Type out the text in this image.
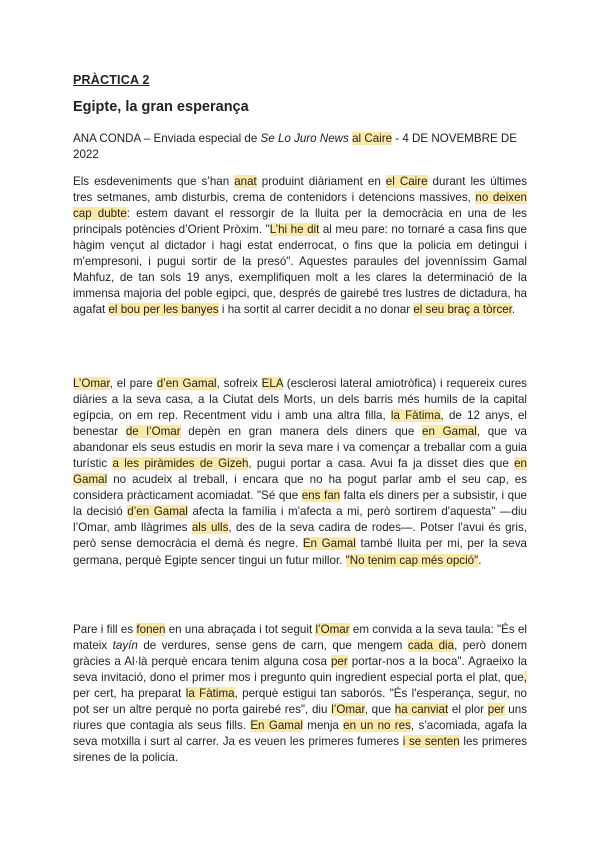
PRÀCTICA 2
Egipte, la gran esperança
ANA CONDA – Enviada especial de Se Lo Juro News al Caire - 4 DE NOVEMBRE DE 2022
Els esdeveniments que s’han anat produint diàriament en el Caire durant les últimes tres setmanes, amb disturbis, crema de contenidors i detencions massives, no deixen cap dubte: estem davant el ressorgir de la lluita per la democràcia en una de les principals potències d’Orient Pròxim. "L’hi he dit al meu pare: no tornaré a casa fins que hàgim vençut al dictador i hagi estat enderrocat, o fins que la policia em detingui i m'empresoni, i pugui sortir de la presó". Aquestes paraules del jovenníssim Gamal Mahfuz, de tan sols 19 anys, exemplifiquen molt a les clares la determinació de la immensa majoria del poble egipci, que, després de gairebé tres lustres de dictadura, ha agafat el bou per les banyes i ha sortit al carrer decidit a no donar el seu braç a tòrcer.
L’Omar, el pare d’en Gamal, sofreix ELA (esclerosi lateral amiotròfica) i requereix cures diàries a la seva casa, a la Ciutat dels Morts, un dels barris més humils de la capital egípcia, on em rep. Recentment vidu i amb una altra filla, la Fàtima, de 12 anys, el benestar de l’Omar depèn en gran manera dels diners que en Gamal, que va abandonar els seus estudis en morir la seva mare i va començar a treballar com a guia turístic a les piràmides de Gizeh, pugui portar a casa. Avui fa ja disset dies que en Gamal no acudeix al treball, i encara que no ha pogut parlar amb el seu cap, es considera pràcticament acomiadat. "Sé que ens fan falta els diners per a subsistir, i que la decisió d’en Gamal afecta la família i m'afecta a mi, però sortirem d'aquesta" —diu l’Omar, amb llàgrimes als ulls, des de la seva cadira de rodes—. Potser l'avui és gris, però sense democràcia el demà és negre. En Gamal també lluita per mi, per la seva germana, perquè Egipte sencer tingui un futur millor. "No tenim cap més opció".
Pare i fill es fonen en una abraçada i tot seguit l’Omar em convida a la seva taula: "És el mateix tayín de verdures, sense gens de carn, que mengem cada dia, però donem gràcies a Al·là perquè encara tenim alguna cosa per portar-nos a la boca". Agraeixo la seva invitació, dono el primer mos i pregunto quin ingredient especial porta el plat, que, per cert, ha preparat la Fàtima, perquè estigui tan saborós. "És l'esperança, segur, no pot ser un altre perquè no porta gairebé res", diu l’Omar, que ha canviat el plor per uns riures que contagia als seus fills. En Gamal menja en un no res, s’acomiada, agafa la seva motxilla i surt al carrer. Ja es veuen les primeres fumeres i se senten les primeres sirenes de la policia.
